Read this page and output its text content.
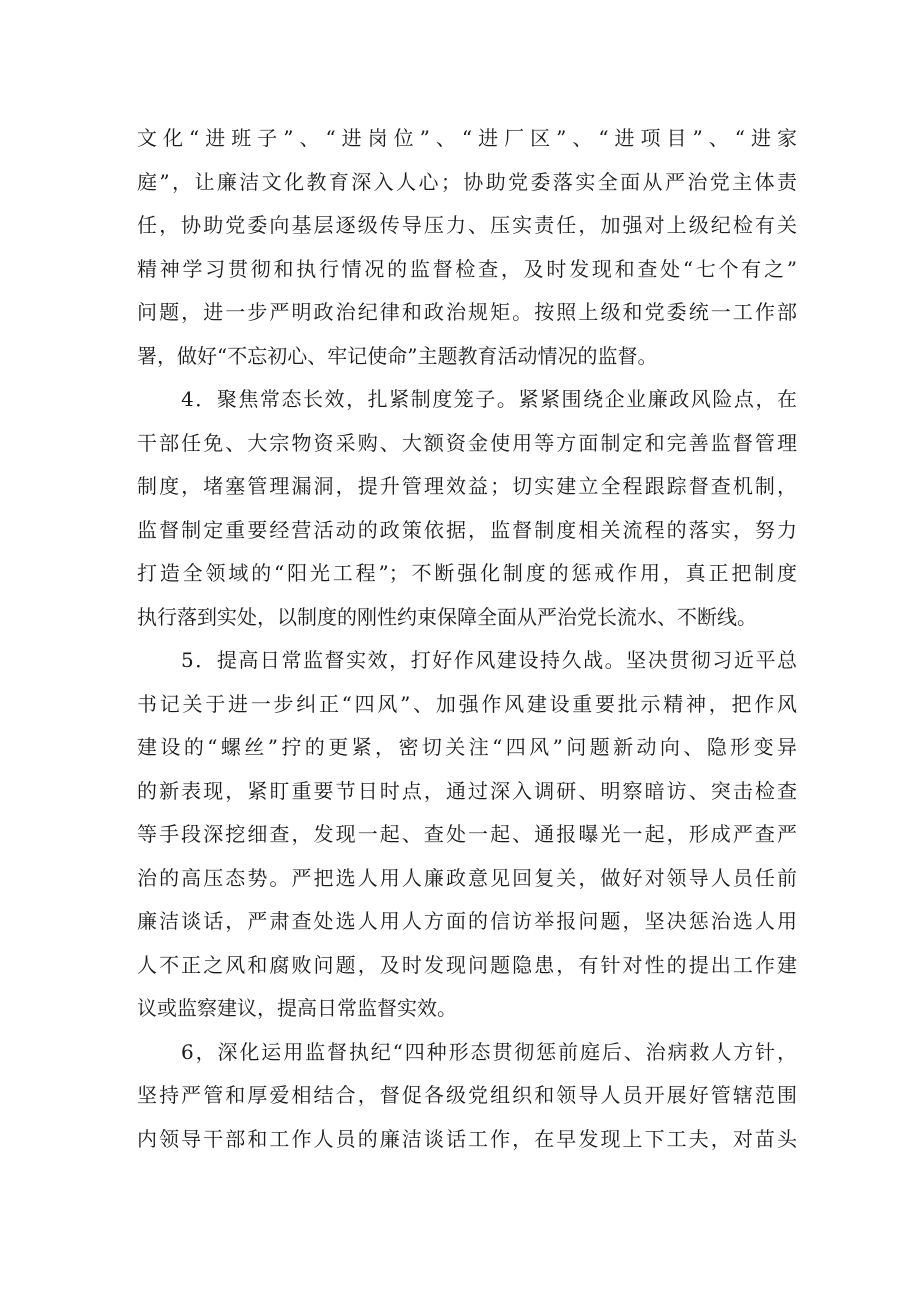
文化“进班子”、“进岗位”、“进厂区”、“进项目”、“进家
庭”，让廉洁文化教育深入人心；协助党委落实全面从严治党主体责
任，协助党委向基层逐级传导压力、压实责任，加强对上级纪检有关
精神学习贯彻和执行情况的监督检查，及时发现和查处“七个有之”
问题，进一步严明政治纪律和政治规矩。按照上级和党委统一工作部
署，做好“不忘初心、牢记使命”主题教育活动情况的监督。
4．聚焦常态长效，扎紧制度笼子。紧紧围绕企业廉政风险点，在
干部任免、大宗物资采购、大额资金使用等方面制定和完善监督管理
制度，堵塞管理漏洞，提升管理效益；切实建立全程跟踪督查机制，
监督制定重要经营活动的政策依据，监督制度相关流程的落实，努力
打造全领域的“阳光工程”；不断强化制度的惩戒作用，真正把制度
执行落到实处，以制度的刚性约束保障全面从严治党长流水、不断线。
5．提高日常监督实效，打好作风建设持久战。坚决贯彻习近平总
书记关于进一步纠正“四风”、加强作风建设重要批示精神，把作风
建设的“螺丝”拧的更紧，密切关注“四风”问题新动向、隐形变异
的新表现，紧盯重要节日时点，通过深入调研、明察暗访、突击检查
等手段深挖细查，发现一起、查处一起、通报曝光一起，形成严查严
治的高压态势。严把选人用人廉政意见回复关，做好对领导人员任前
廉洁谈话，严肃查处选人用人方面的信访举报问题，坚决惩治选人用
人不正之风和腐败问题，及时发现问题隐患，有针对性的提出工作建
议或监察建议，提高日常监督实效。
6，深化运用监督执纪“四种形态贯彻惩前庭后、治病救人方针，
坚持严管和厚爱相结合，督促各级党组织和领导人员开展好管辖范围
内领导干部和工作人员的廉洁谈话工作，在早发现上下工夫，对苗头
